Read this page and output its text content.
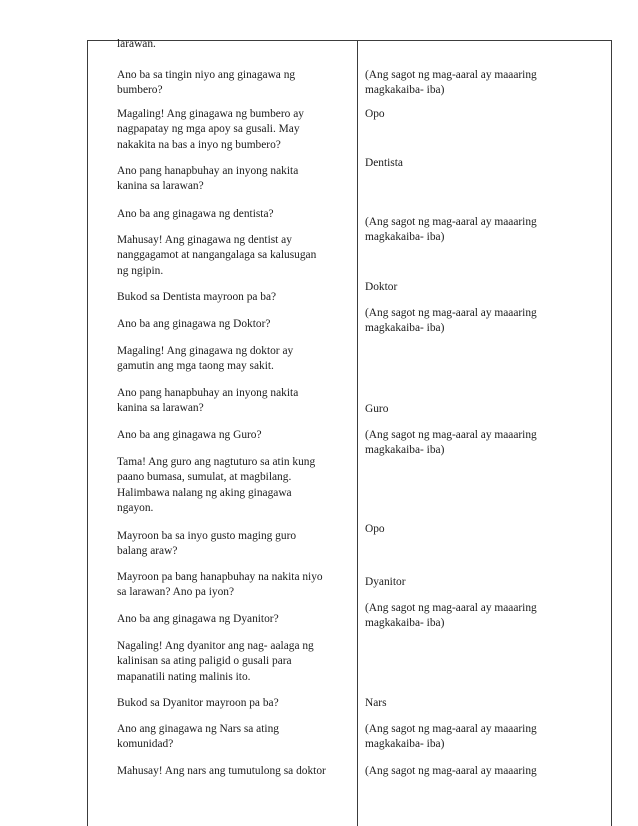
larawan.
Ano ba sa tingin niyo ang ginagawa ng
bumbero?
Magaling! Ang ginagawa ng bumbero ay
nagpapatay ng mga apoy sa gusali. May
nakakita na bas a inyo ng bumbero?
Ano pang hanapbuhay an inyong nakita
kanina sa larawan?
Ano ba ang ginagawa ng dentista?
Mahusay! Ang ginagawa ng dentist ay
nanggagamot at nangangalaga sa kalusugan
ng ngipin.
Bukod sa Dentista mayroon pa ba?
Ano ba ang ginagawa ng Doktor?
Magaling! Ang ginagawa ng doktor ay
gamutin ang mga taong may sakit.
Ano pang hanapbuhay an inyong nakita
kanina sa larawan?
Ano ba ang ginagawa ng Guro?
Tama! Ang guro ang nagtuturo sa atin kung
paano bumasa, sumulat, at magbilang.
Halimbawa nalang ng aking ginagawa
ngayon.
Mayroon ba sa inyo gusto maging guro
balang araw?
Mayroon pa bang hanapbuhay na nakita niyo
sa larawan? Ano pa iyon?
Ano ba ang ginagawa ng Dyanitor?
Nagaling! Ang dyanitor ang nag- aalaga ng
kalinisan sa ating paligid o gusali para
mapanatili nating malinis ito.
Bukod sa Dyanitor mayroon pa ba?
Ano ang ginagawa ng Nars sa ating
komunidad?
Mahusay! Ang nars ang tumutulong sa doktor
(Ang sagot ng mag-aaral ay maaaring
magkakaiba- iba)
Opo
Dentista
(Ang sagot ng mag-aaral ay maaaring
magkakaiba- iba)
Doktor
(Ang sagot ng mag-aaral ay maaaring
magkakaiba- iba)
Guro
(Ang sagot ng mag-aaral ay maaaring
magkakaiba- iba)
Opo
Dyanitor
(Ang sagot ng mag-aaral ay maaaring
magkakaiba- iba)
Nars
(Ang sagot ng mag-aaral ay maaaring
magkakaiba- iba)
(Ang sagot ng mag-aaral ay maaaring
